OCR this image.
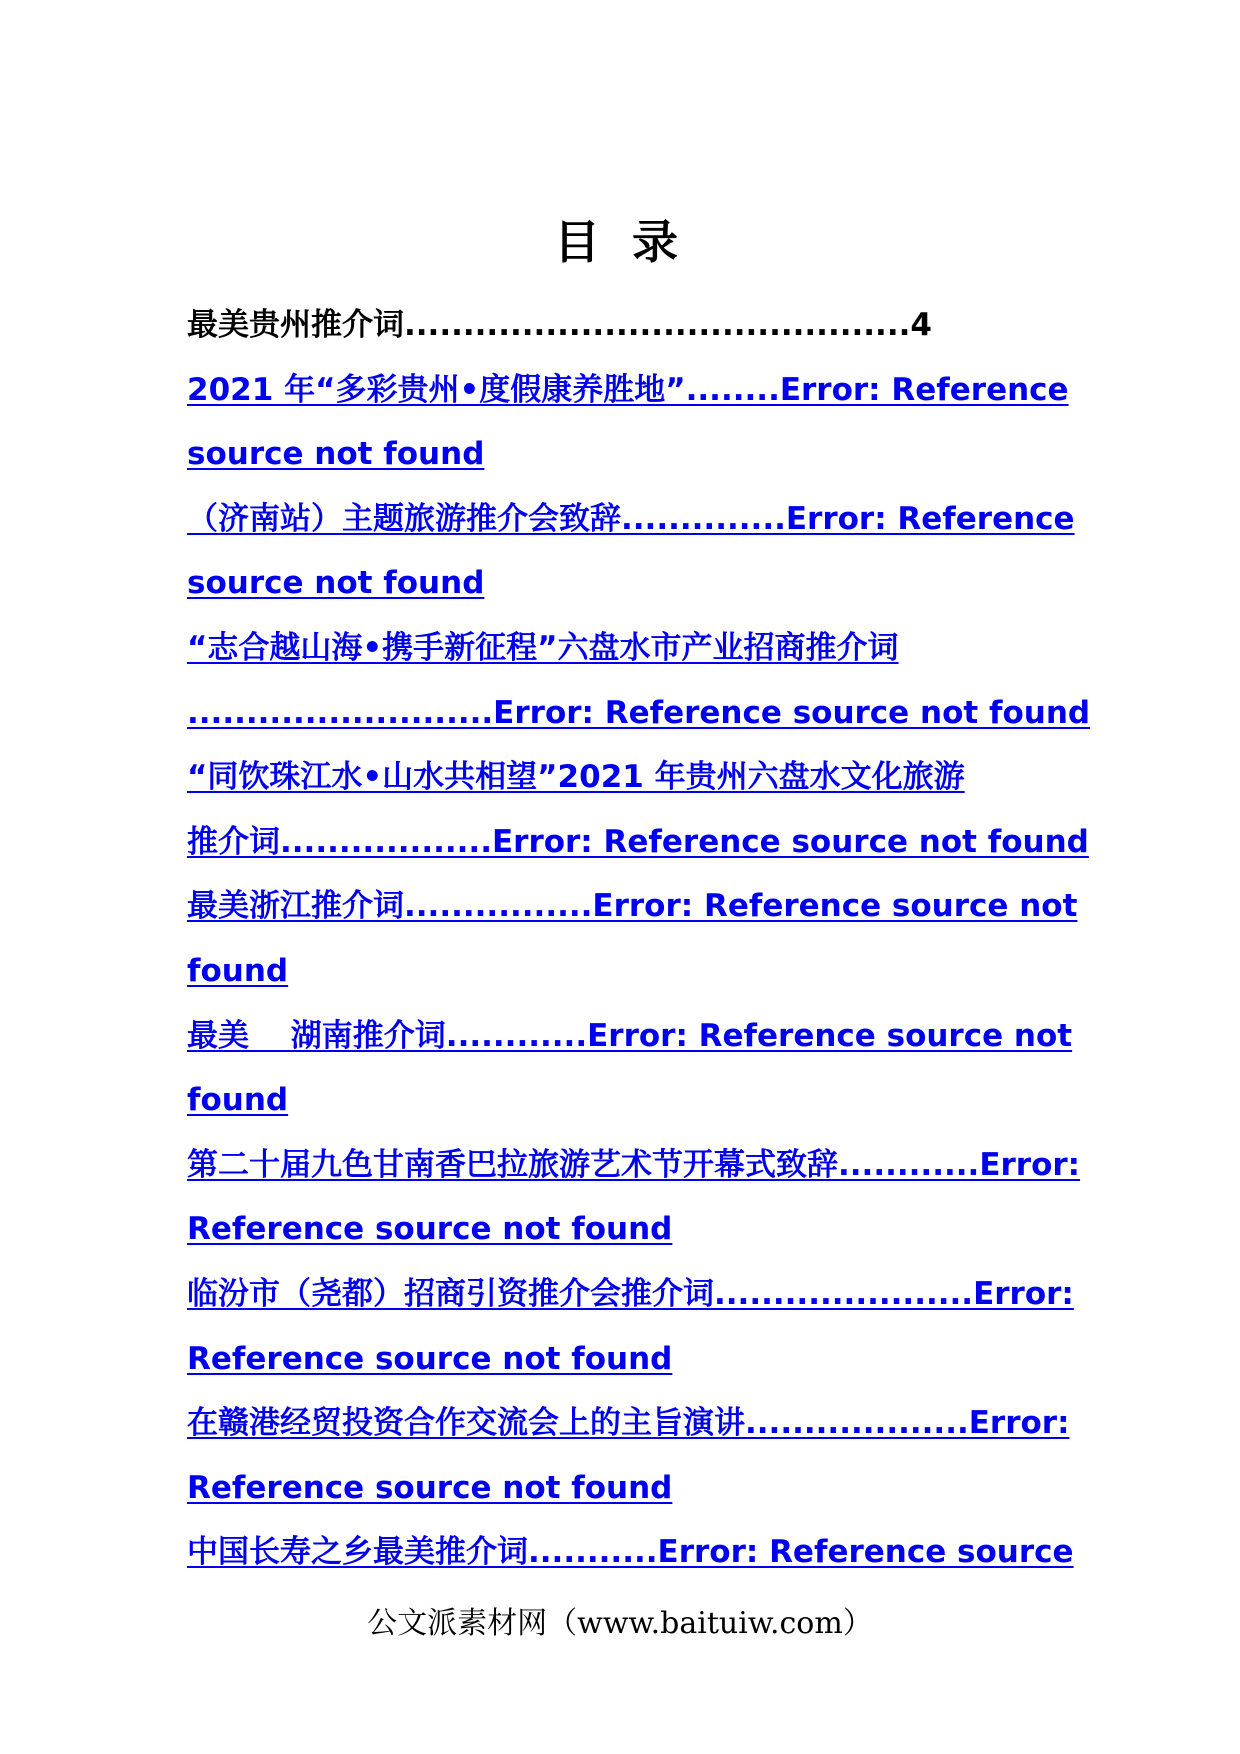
目 录
最美贵州推介词...........................................4
2021 年“多彩贵州•度假康养胜地”........Error: Reference
source not found
（济南站）主题旅游推介会致辞..............Error: Reference
source not found
“志合越山海•携手新征程”六盘水市产业招商推介词
..........................Error: Reference source not found
“同饮珠江水•山水共相望”2021 年贵州六盘水文化旅游
推介词..................Error: Reference source not found
最美浙江推介词................Error: Reference source not
found
最美　 湖南推介词............Error: Reference source not
found
第二十届九色甘南香巴拉旅游艺术节开幕式致辞............Error:
Reference source not found
临汾市（尧都）招商引资推介会推介词......................Error:
Reference source not found
在赣港经贸投资合作交流会上的主旨演讲...................Error:
Reference source not found
中国长寿之乡最美推介词...........Error: Reference source
公文派素材网（www.baituiw.com）
